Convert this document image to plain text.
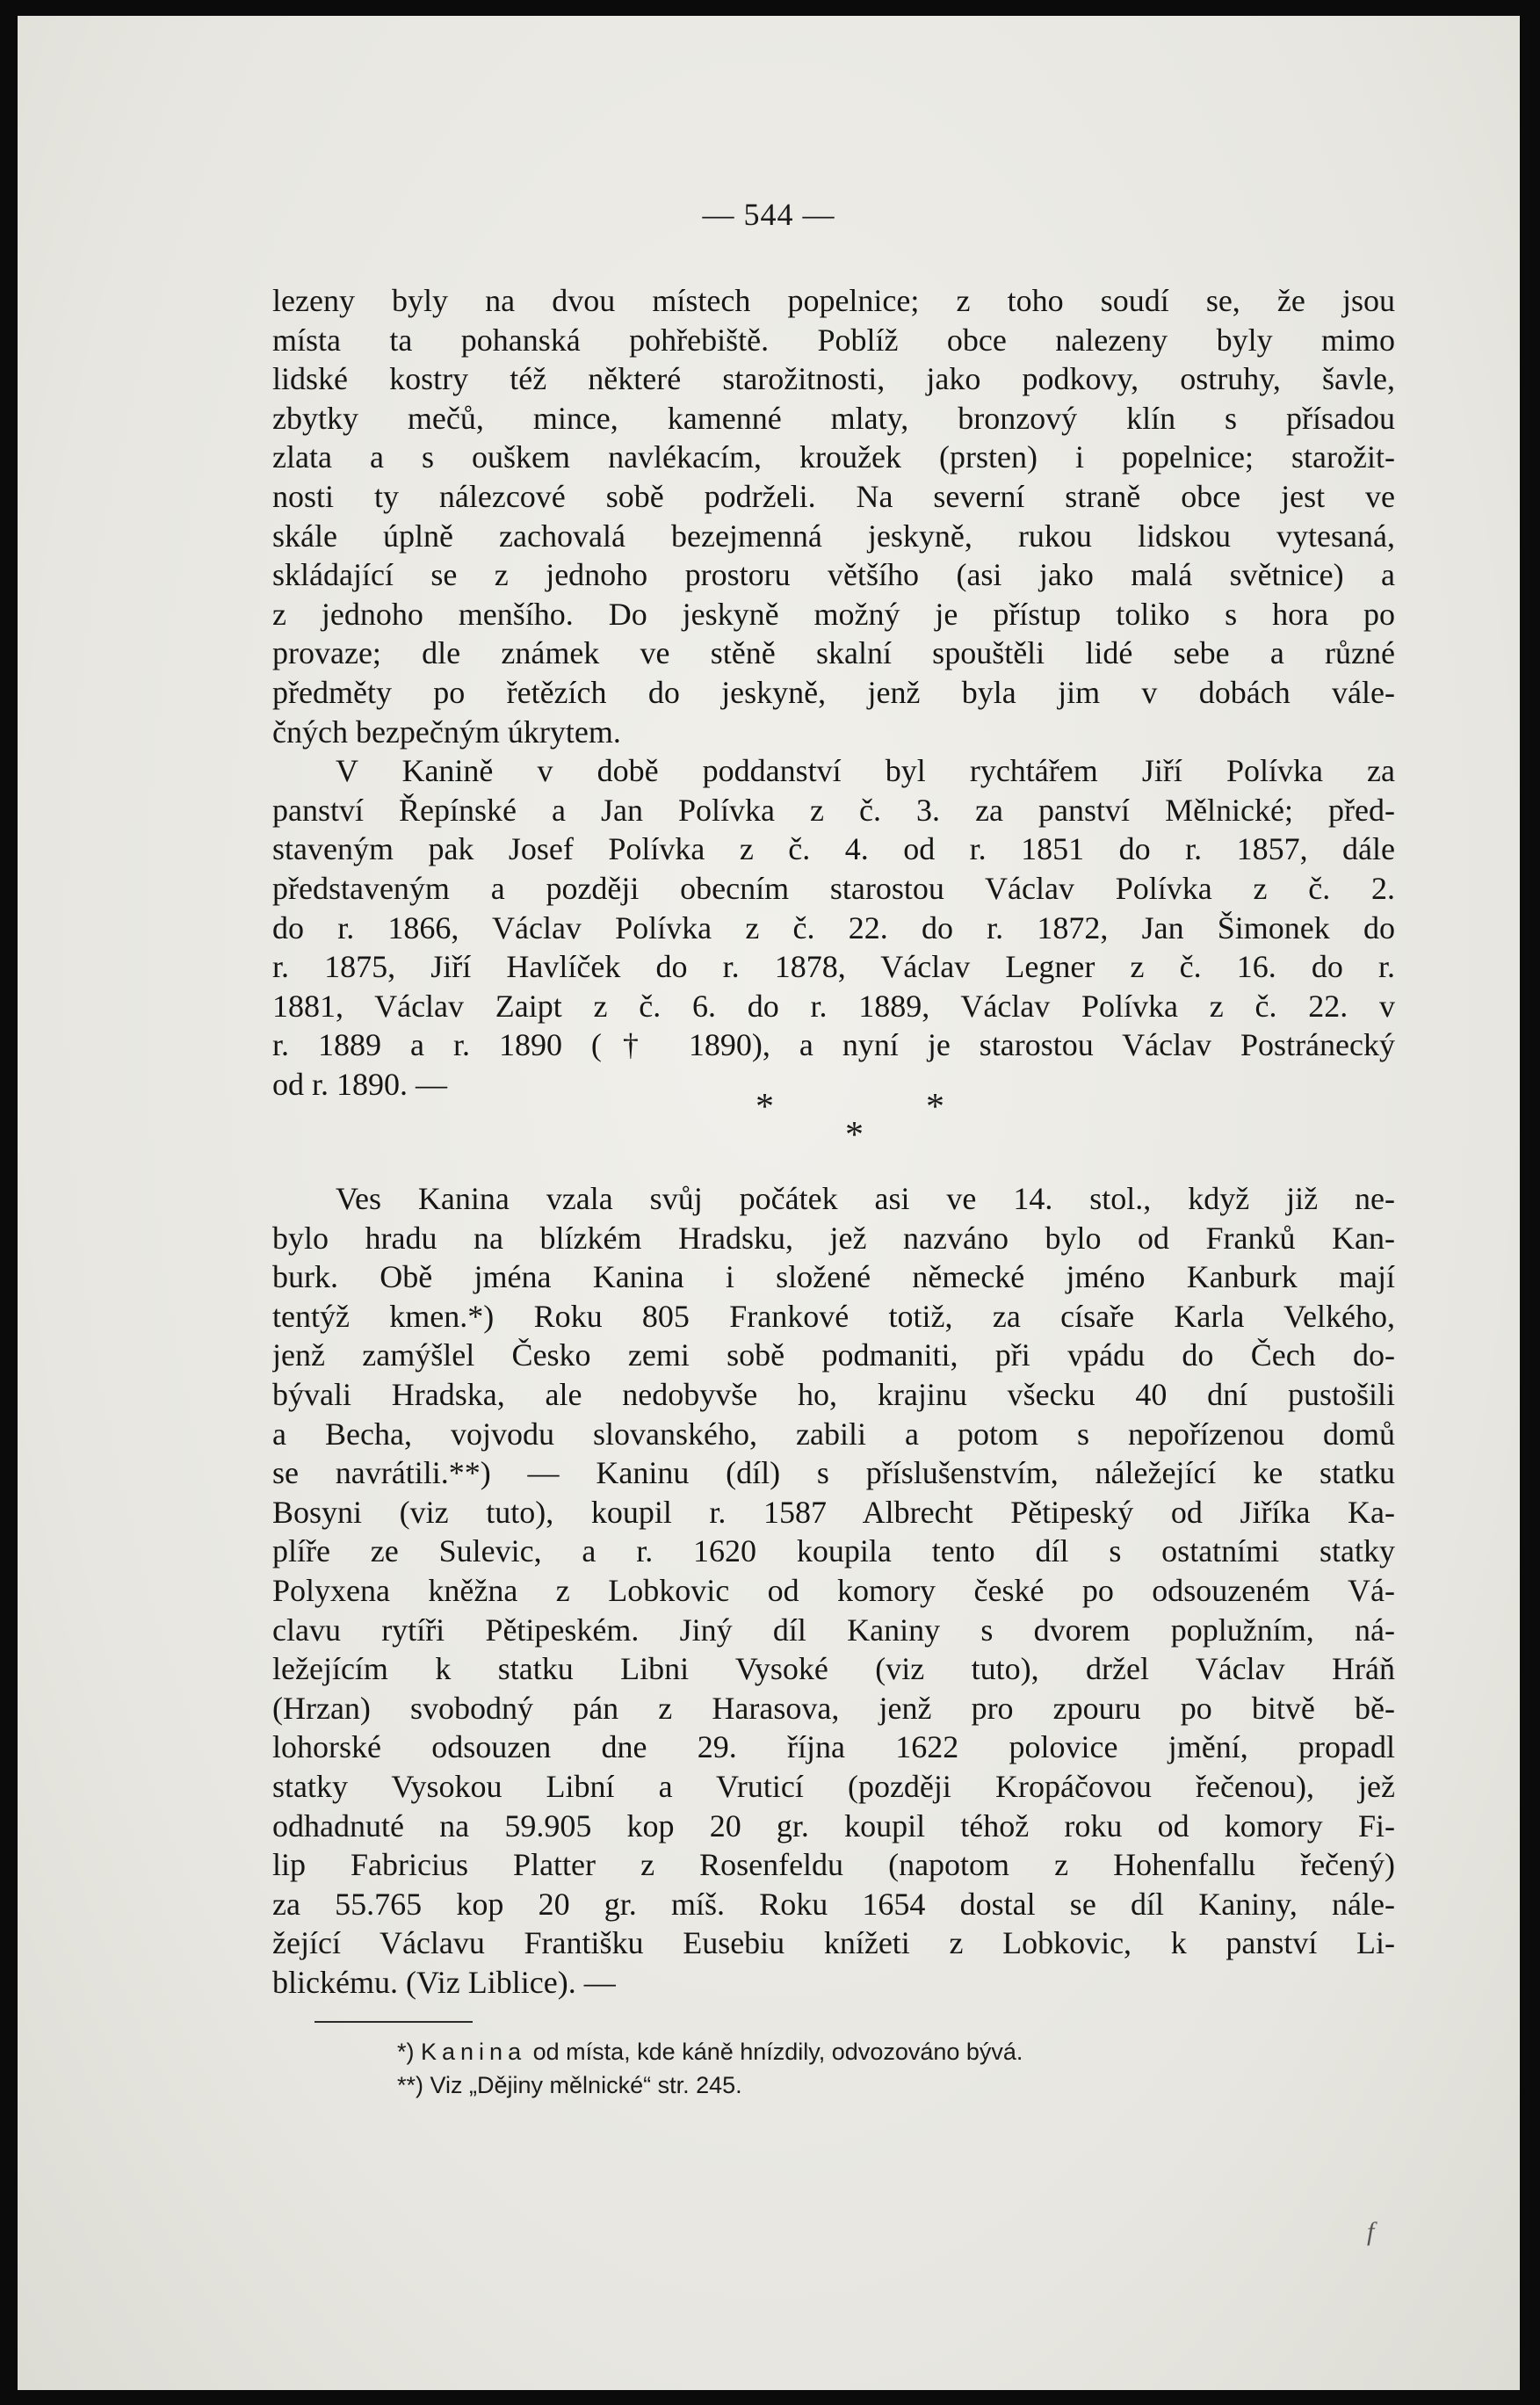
— 544 —
lezeny byly na dvou místech popelnice; z toho soudí se, že jsou
místa ta pohanská pohřebiště. Poblíž obce nalezeny byly mimo
lidské kostry též některé starožitnosti, jako podkovy, ostruhy, šavle,
zbytky mečů, mince, kamenné mlaty, bronzový klín s přísadou
zlata a s ouškem navlékacím, kroužek (prsten) i popelnice; starožit-
nosti ty nálezcové sobě podrželi. Na severní straně obce jest ve
skále úplně zachovalá bezejmenná jeskyně, rukou lidskou vytesaná,
skládající se z jednoho prostoru většího (asi jako malá světnice) a
z jednoho menšího. Do jeskyně možný je přístup toliko s hora po
provaze; dle známek ve stěně skalní spouštěli lidé sebe a různé
předměty po řetězích do jeskyně, jenž byla jim v dobách válе-
čných bezpečným úkrytem.
V Kanině v době poddanství byl rychtářem Jiří Polívka za
panství Řepínské a Jan Polívka z č. 3. za panství Mělnické; před-
staveným pak Josef Polívka z č. 4. od r. 1851 do r. 1857, dále
představeným a později obecním starostou Václav Polívka z č. 2.
do r. 1866, Václav Polívka z č. 22. do r. 1872, Jan Šimonek do
r. 1875, Jiří Havlíček do r. 1878, Václav Legner z č. 16. do r.
1881, Václav Zaipt z č. 6. do r. 1889, Václav Polívka z č. 22. v
r. 1889 a r. 1890 († 1890), a nyní je starostou Václav Postránecký
od r. 1890. —
*
*
*
Ves Kanina vzala svůj počátek asi ve 14. stol., když již ne-
bylo hradu na blízkém Hradsku, jež nazváno bylo od Franků Kan-
burk. Obě jména Kanina i složené německé jméno Kanburk mají
tentýž kmen.*) Roku 805 Frankové totiž, za císaře Karla Velkého,
jenž zamýšlel Česko zemi sobě podmaniti, při vpádu do Čech do-
bývali Hradska, ale nedobyvše ho, krajinu všecku 40 dní pustošili
a Becha, vojvodu slovanského, zabili a potom s nepořízenou domů
se navrátili.**) — Kaninu (díl) s příslušenstvím, náležející ke statku
Bosyni (viz tuto), koupil r. 1587 Albrecht Pětipeský od Jiříka Ka-
plíře ze Sulevic, a r. 1620 koupila tento díl s ostatními statky
Polyxena kněžna z Lobkovic od komory české po odsouzeném Vá-
clavu rytíři Pětipeském. Jiný díl Kaniny s dvorem poplužním, ná-
ležejícím k statku Libni Vysoké (viz tuto), držel Václav Hráň
(Hrzan) svobodný pán z Harasova, jenž pro zpouru po bitvě bě-
lohorské odsouzen dne 29. října 1622 polovice jmění, propadl
statky Vysokou Libní a Vruticí (později Kropáčovou řečenou), jež
odhadnuté na 59.905 kop 20 gr. koupil téhož roku od komory Fi-
lip Fabricius Platter z Rosenfeldu (napotom z Hohenfallu řečený)
za 55.765 kop 20 gr. míš. Roku 1654 dostal se díl Kaniny, nále-
žející Václavu Františku Eusebiu knížeti z Lobkovic, k panství Li-
blickému. (Viz Liblice). —
*) Kanina od místa, kde káně hnízdily, odvozováno bývá.
**) Viz „Dějiny mělnické“ str. 245.
f
